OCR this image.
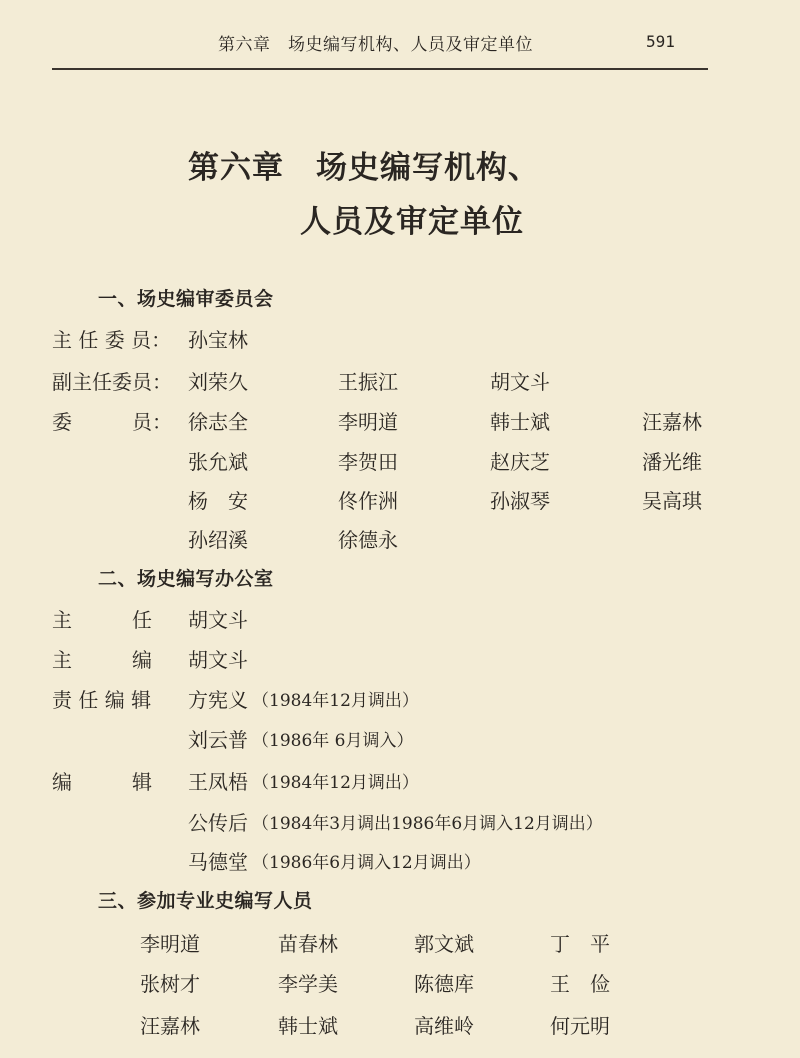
第六章　场史编写机构、人员及审定单位	591
第六章　场史编写机构、
人员及审定单位
一、场史编审委员会
主 任 委 员： 孙宝林
副主任委员： 刘荣久	王振江	胡文斗
委　　　员： 徐志全	李明道	韩士斌	汪嘉林
张允斌	李贺田	赵庆芝	潘光维
杨　安	佟作洲	孙淑琴	吴高琪
孙绍溪	徐德永
二、场史编写办公室
主　　　任 胡文斗
主　　　编 胡文斗
责 任 编 辑 方宪义 （1984年12月调出）
刘云普 （1986年 6月调入）
编　　　辑 王凤梧 （1984年12月调出）
公传后 （1984年3月调出1986年6月调入12月调出）
马德堂 （1986年6月调入12月调出）
三、参加专业史编写人员
李明道	苗春林	郭文斌	丁　平
张树才	李学美	陈德库	王　俭
汪嘉林	韩士斌	高维岭	何元明
